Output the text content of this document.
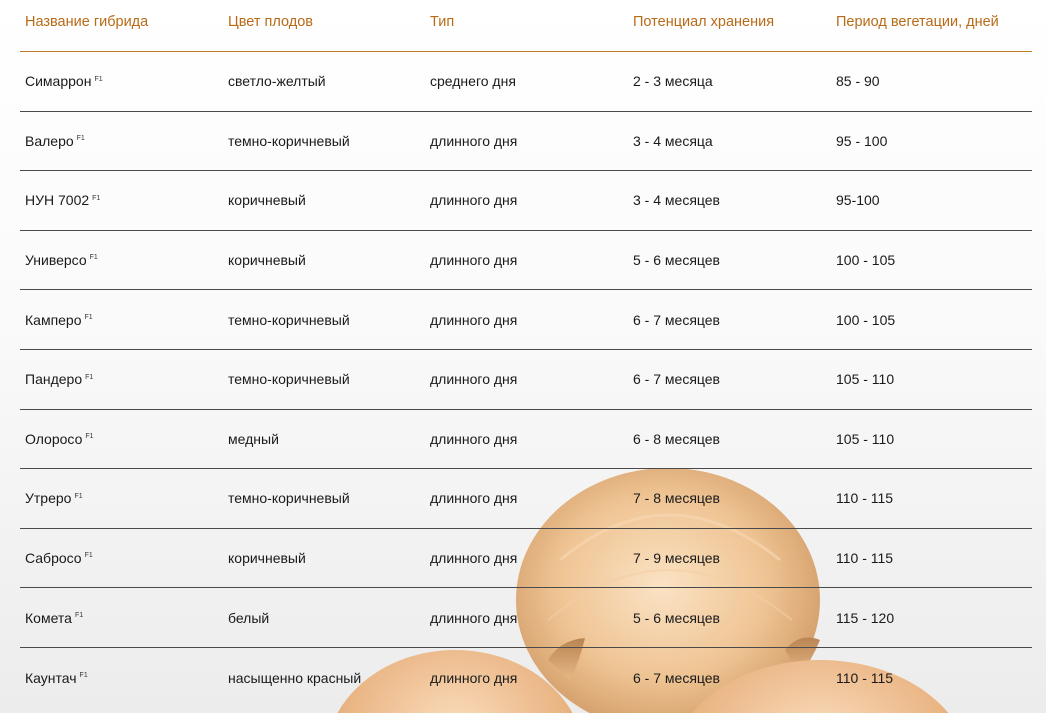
Название гибрида	Цвет плодов	Тип	Потенциал хранения	Период вегетации, дней
Симаррон $^{F1}$	светло-желтый	среднего дня	2 - 3 месяца	85 - 90
Валеро $^{F1}$	темно-коричневый	длинного дня	3 - 4 месяца	95 - 100
НУН 7002 $^{F1}$	коричневый	длинного дня	3 - 4 месяцев	95-100
Универсо $^{F1}$	коричневый	длинного дня	5 - 6 месяцев	100 - 105
Камперо $^{F1}$	темно-коричневый	длинного дня	6 - 7 месяцев	100 - 105
Пандеро $^{F1}$	темно-коричневый	длинного дня	6 - 7 месяцев	105 - 110
Олоросо $^{F1}$	медный	длинного дня	6 - 8 месяцев	105 - 110
Утреро $^{F1}$	темно-коричневый	длинного дня	7 - 8 месяцев	110 - 115
Сабросо $^{F1}$	коричневый	длинного дня	7 - 9 месяцев	110 - 115
Комета $^{F1}$	белый	длинного дня	5 - 6 месяцев	115 - 120
Каунтач $^{F1}$	насыщенно красный	длинного дня	6 - 7 месяцев	110 - 115
